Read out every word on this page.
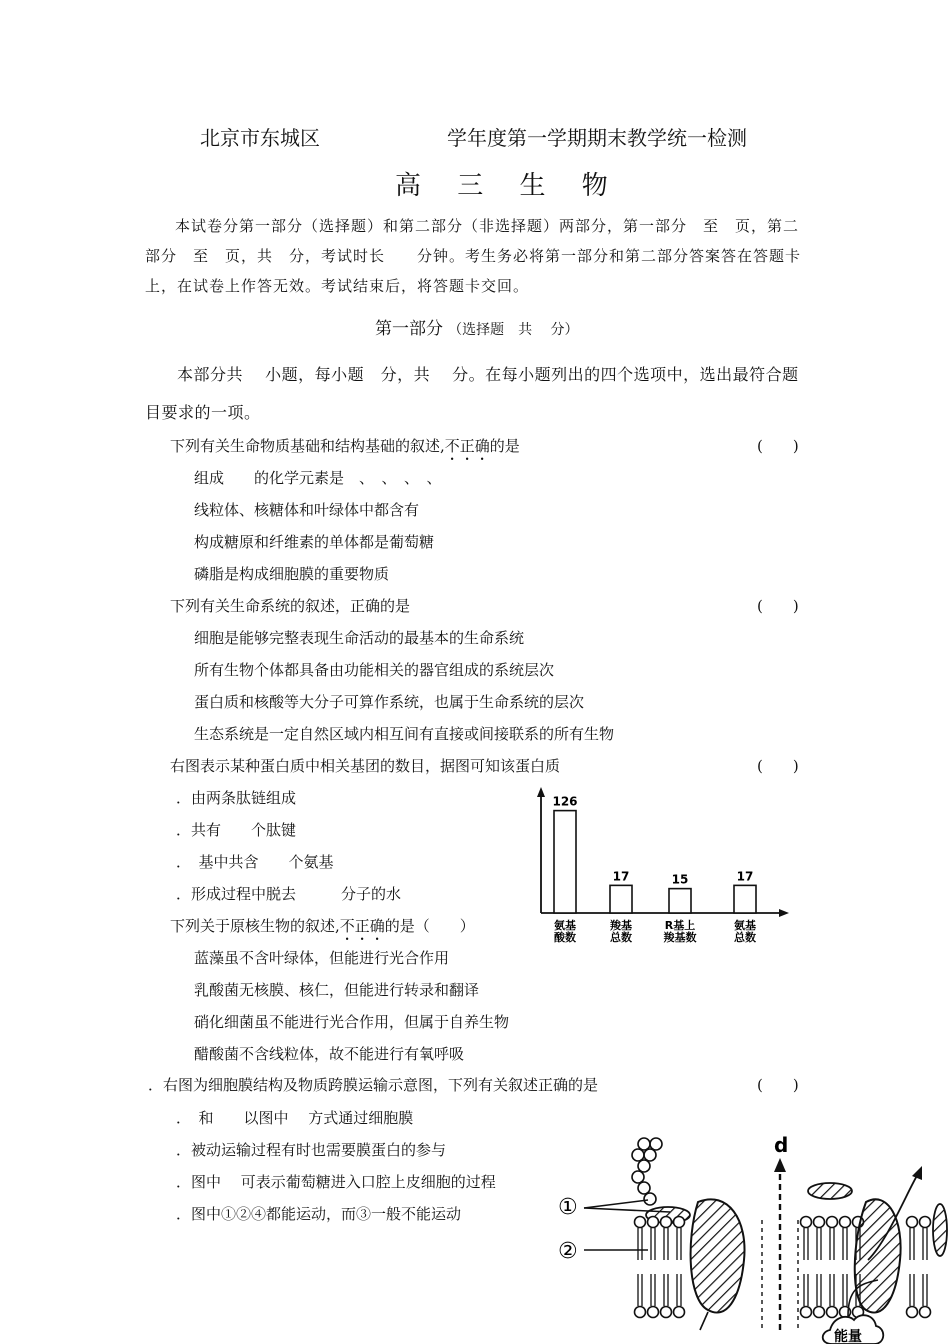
北京市东城区	学年度第一学期期末教学统一检测
高 三 生 物
本试卷分第一部分（选择题）和第二部分（非选择题）两部分，第一部分　至　页，第二部分　至　页，共　分，考试时长　　分钟。考生务必将第一部分和第二部分答案答在答题卡上，在试卷上作答无效。考试结束后，将答题卡交回。
第一部分 （选择题　共　 分）
本部分共　 小题，每小题　分，共　 分。在每小题列出的四个选项中，选出最符合题目要求的一项。
下列有关生命物质基础和结构基础的叙述,不正确的是	(　　)
组成　　的化学元素是　、　、　、　、
线粒体、核糖体和叶绿体中都含有
构成糖原和纤维素的单体都是葡萄糖
磷脂是构成细胞膜的重要物质
下列有关生命系统的叙述，正确的是	(　　)
细胞是能够完整表现生命活动的最基本的生命系统
所有生物个体都具备由功能相关的器官组成的系统层次
蛋白质和核酸等大分子可算作系统，也属于生命系统的层次
生态系统是一定自然区域内相互间有直接或间接联系的所有生物
右图表示某种蛋白质中相关基团的数目，据图可知该蛋白质	(　　)
．由两条肽链组成
．共有　　个肽键
．　基中共含　　个氨基
．形成过程中脱去　　　分子的水
126
氨基
酸数
17
羧基
总数
15
R基上
羧基数
17
氨基
总数
下列关于原核生物的叙述,不正确的是（　　）
蓝藻虽不含叶绿体，但能进行光合作用
乳酸菌无核膜、核仁，但能进行转录和翻译
硝化细菌虽不能进行光合作用，但属于自养生物
醋酸菌不含线粒体，故不能进行有氧呼吸
．右图为细胞膜结构及物质跨膜运输示意图，下列有关叙述正确的是	(　　)
．　和　　以图中　 方式通过细胞膜
．被动运输过程有时也需要膜蛋白的参与
．图中　 可表示葡萄糖进入口腔上皮细胞的过程
．图中①②④都能运动，而③一般不能运动	①
②
d
能量
